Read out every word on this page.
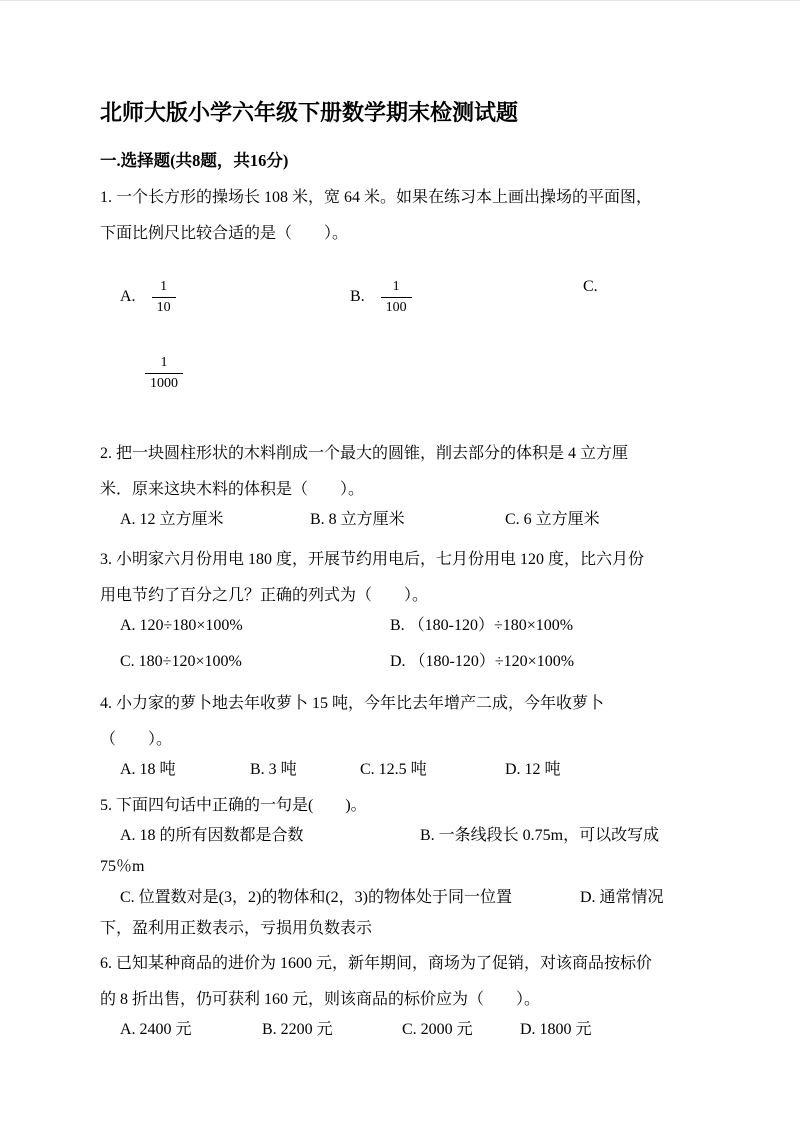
北师大版小学六年级下册数学期末检测试题
一.选择题(共8题，共16分)
1. 一个长方形的操场长 108 米，宽 64 米。如果在练习本上画出操场的平面图，
下面比例尺比较合适的是（　　）。
A. $\frac{1}{10}$	B. $\frac{1}{100}$	C.
$\frac{1}{1000}$
2. 把一块圆柱形状的木料削成一个最大的圆锥，削去部分的体积是 4 立方厘
米．原来这块木料的体积是（　　）。
A. 12 立方厘米	B. 8 立方厘米	C. 6 立方厘米
3. 小明家六月份用电 180 度，开展节约用电后，七月份用电 120 度，比六月份
用电节约了百分之几？正确的列式为（　　）。
A. 120÷180×100%	B. （180-120）÷180×100%
C. 180÷120×100%	D. （180-120）÷120×100%
4. 小力家的萝卜地去年收萝卜 15 吨，今年比去年增产二成，今年收萝卜
（　　）。
A. 18 吨	B. 3 吨	C. 12.5 吨	D. 12 吨
5. 下面四句话中正确的一句是(　　)。
A. 18 的所有因数都是合数	B. 一条线段长 0.75m，可以改写成
75％m
C. 位置数对是(3，2)的物体和(2，3)的物体处于同一位置	D. 通常情况
下，盈利用正数表示，亏损用负数表示
6. 已知某种商品的进价为 1600 元，新年期间，商场为了促销，对该商品按标价
的 8 折出售，仍可获利 160 元，则该商品的标价应为（　　）。
A. 2400 元	B. 2200 元	C. 2000 元	D. 1800 元
